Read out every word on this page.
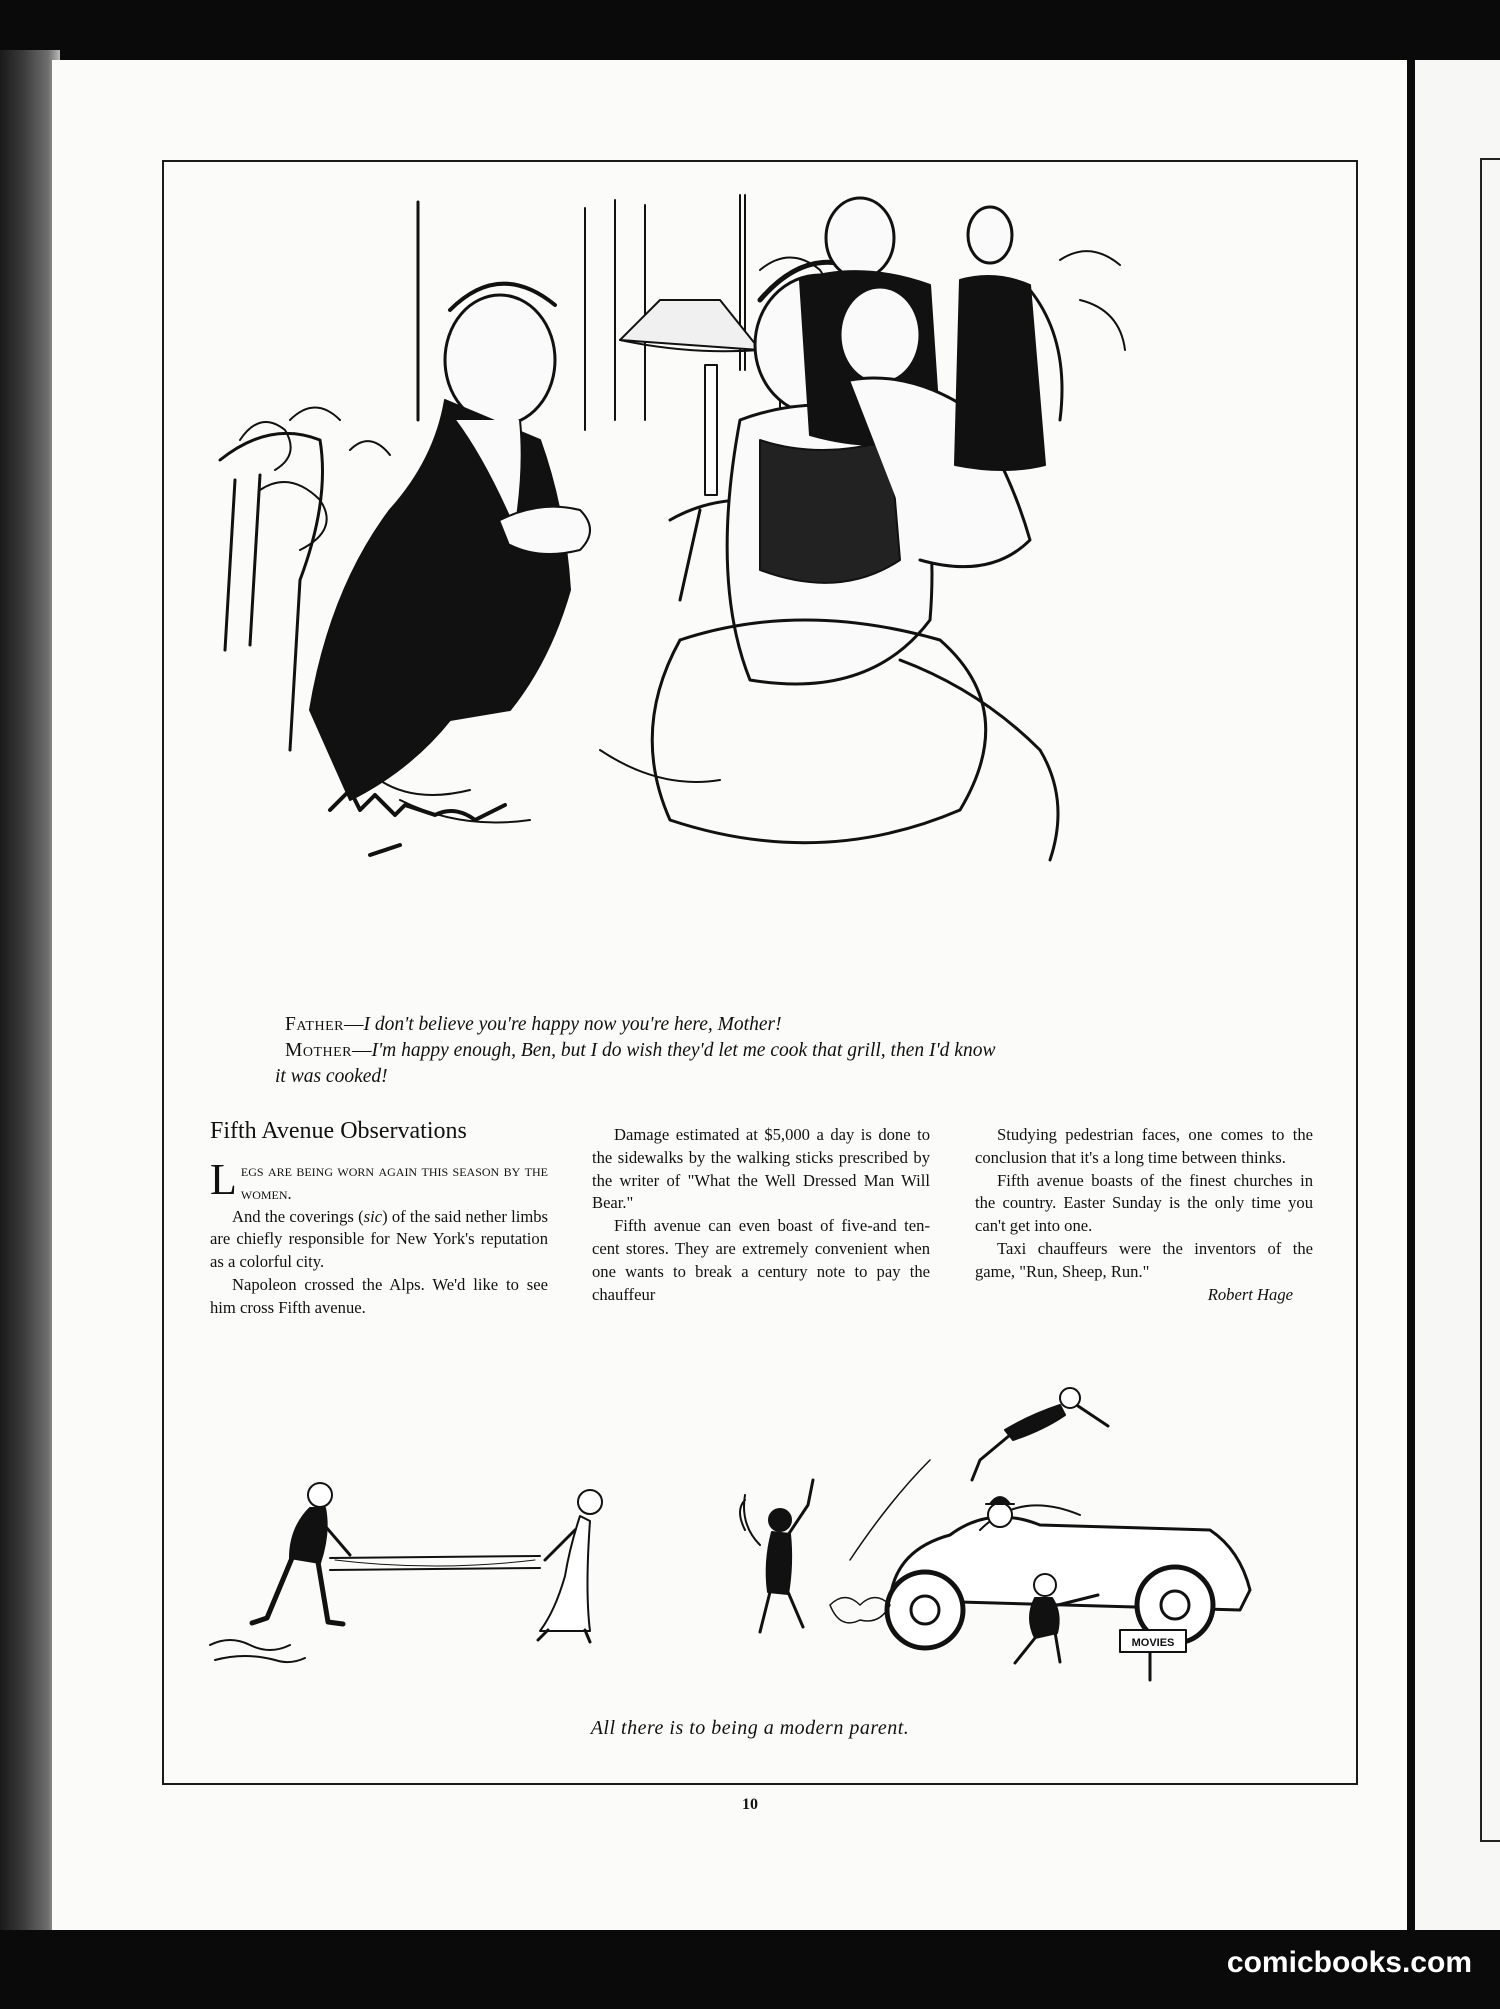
Father—I don't believe you're happy now you're here, Mother!

Mother—I'm happy enough, Ben, but I do wish they'd let me cook that grill, then I'd know

it was cooked!

Fifth Avenue Observations

Legs are being worn again this season by the women.

And the coverings (sic) of the said nether limbs are chiefly responsible for New York's reputation as a colorful city.

Napoleon crossed the Alps. We'd like to see him cross Fifth avenue.

Damage estimated at $5,000 a day is done to the sidewalks by the walking sticks prescribed by the writer of "What the Well Dressed Man Will Bear."

Fifth avenue can even boast of five-and ten-cent stores. They are extremely convenient when one wants to break a century note to pay the chauffeur

Studying pedestrian faces, one comes to the conclusion that it's a long time between thinks.

Fifth avenue boasts of the finest churches in the country. Easter Sunday is the only time you can't get into one.

Taxi chauffeurs were the inventors of the game, "Run, Sheep, Run."

Robert Hage

MOVIES
All there is to being a modern parent.
10
comicbooks.com
